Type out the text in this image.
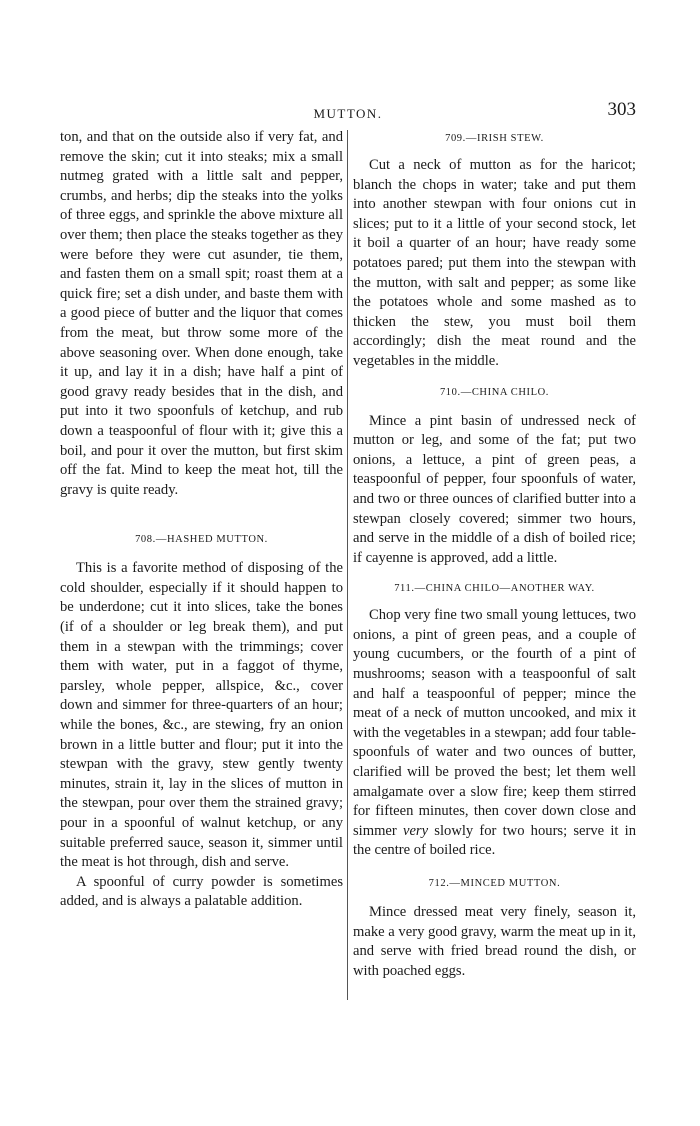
MUTTON.	303

ton, and that on the outside also if very fat, and remove the skin; cut it into steaks; mix a small nutmeg grated with a little salt and pepper, crumbs, and herbs; dip the steaks into the yolks of three eggs, and sprinkle the above mixture all over them; then place the steaks together as they were before they were cut asunder, tie them, and fasten them on a small spit; roast them at a quick fire; set a dish under, and baste them with a good piece of butter and the liquor that comes from the meat, but throw some more of the above seasoning over. When done enough, take it up, and lay it in a dish; have half a pint of good gravy ready besides that in the dish, and put into it two spoonfuls of ketchup, and rub down a teaspoonful of flour with it; give this a boil, and pour it over the mutton, but first skim off the fat. Mind to keep the meat hot, till the gravy is quite ready.

708.—HASHED MUTTON.

This is a favorite method of disposing of the cold shoulder, especially if it should happen to be underdone; cut it into slices, take the bones (if of a shoulder or leg break them), and put them in a stewpan with the trimmings; cover them with water, put in a faggot of thyme, parsley, whole pepper, allspice, &c., cover down and simmer for three-quarters of an hour; while the bones, &c., are stewing, fry an onion brown in a little butter and flour; put it into the stewpan with the gravy, stew gently twenty minutes, strain it, lay in the slices of mutton in the stewpan, pour over them the strained gravy; pour in a spoonful of walnut ketchup, or any suitable preferred sauce, season it, simmer until the meat is hot through, dish and serve.

A spoonful of curry powder is sometimes added, and is always a palatable addition.

709.—IRISH STEW.

Cut a neck of mutton as for the haricot; blanch the chops in water; take and put them into another stewpan with four onions cut in slices; put to it a little of your second stock, let it boil a quarter of an hour; have ready some potatoes pared; put them into the stewpan with the mutton, with salt and pepper; as some like the potatoes whole and some mashed as to thicken the stew, you must boil them accordingly; dish the meat round and the vegetables in the middle.

710.—CHINA CHILO.

Mince a pint basin of undressed neck of mutton or leg, and some of the fat; put two onions, a lettuce, a pint of green peas, a teaspoonful of pepper, four spoonfuls of water, and two or three ounces of clarified butter into a stewpan closely covered; simmer two hours, and serve in the middle of a dish of boiled rice; if cayenne is approved, add a little.

711.—CHINA CHILO—ANOTHER WAY.

Chop very fine two small young lettuces, two onions, a pint of green peas, and a couple of young cucumbers, or the fourth of a pint of mushrooms; season with a teaspoonful of salt and half a teaspoonful of pepper; mince the meat of a neck of mutton uncooked, and mix it with the vegetables in a stewpan; add four table-spoonfuls of water and two ounces of butter, clarified will be proved the best; let them well amalgamate over a slow fire; keep them stirred for fifteen minutes, then cover down close and simmer very slowly for two hours; serve it in the centre of boiled rice.

712.—MINCED MUTTON.

Mince dressed meat very finely, season it, make a very good gravy, warm the meat up in it, and serve with fried bread round the dish, or with poached eggs.
